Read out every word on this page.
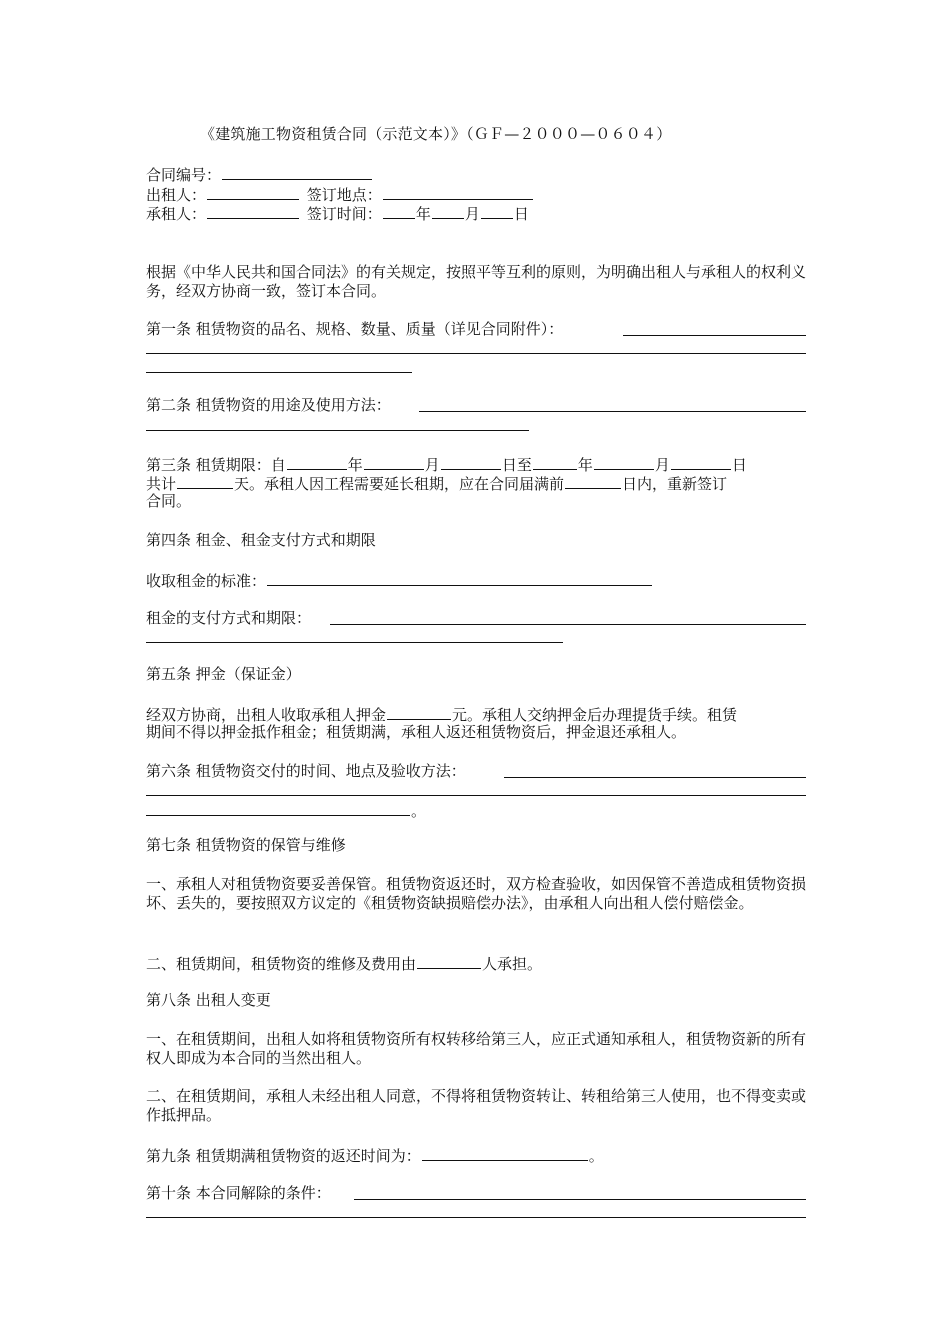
《建筑施工物资租赁合同（示范文本）》（ＧＦ—２０００—０６０４）
合同编号：
出租人：	签订地点：
承租人：	签订时间： 年 月 日
根据《中华人民共和国合同法》的有关规定，按照平等互利的原则，为明确出租人与承租人的权利义务，经双方协商一致，签订本合同。
第一条 租赁物资的品名、规格、数量、质量（详见合同附件）：
第二条 租赁物资的用途及使用方法：
第三条 租赁期限：自	年	月	日至	年	月	日
共计	天。承租人因工程需要延长租期，应在合同届满前	日内，重新签订
合同。
第四条 租金、租金支付方式和期限
收取租金的标准：
租金的支付方式和期限：
第五条 押金（保证金）
经双方协商，出租人收取承租人押金	元。承租人交纳押金后办理提货手续。租赁
期间不得以押金抵作租金；租赁期满，承租人返还租赁物资后，押金退还承租人。
第六条 租赁物资交付的时间、地点及验收方法：
。
第七条 租赁物资的保管与维修
一、承租人对租赁物资要妥善保管。租赁物资返还时，双方检查验收，如因保管不善造成租赁物资损坏、丢失的，要按照双方议定的《租赁物资缺损赔偿办法》，由承租人向出租人偿付赔偿金。
二、租赁期间，租赁物资的维修及费用由	人承担。
第八条 出租人变更
一、在租赁期间，出租人如将租赁物资所有权转移给第三人，应正式通知承租人，租赁物资新的所有权人即成为本合同的当然出租人。
二、在租赁期间，承租人未经出租人同意，不得将租赁物资转让、转租给第三人使用，也不得变卖或作抵押品。
第九条 租赁期满租赁物资的返还时间为：	。
第十条 本合同解除的条件：
